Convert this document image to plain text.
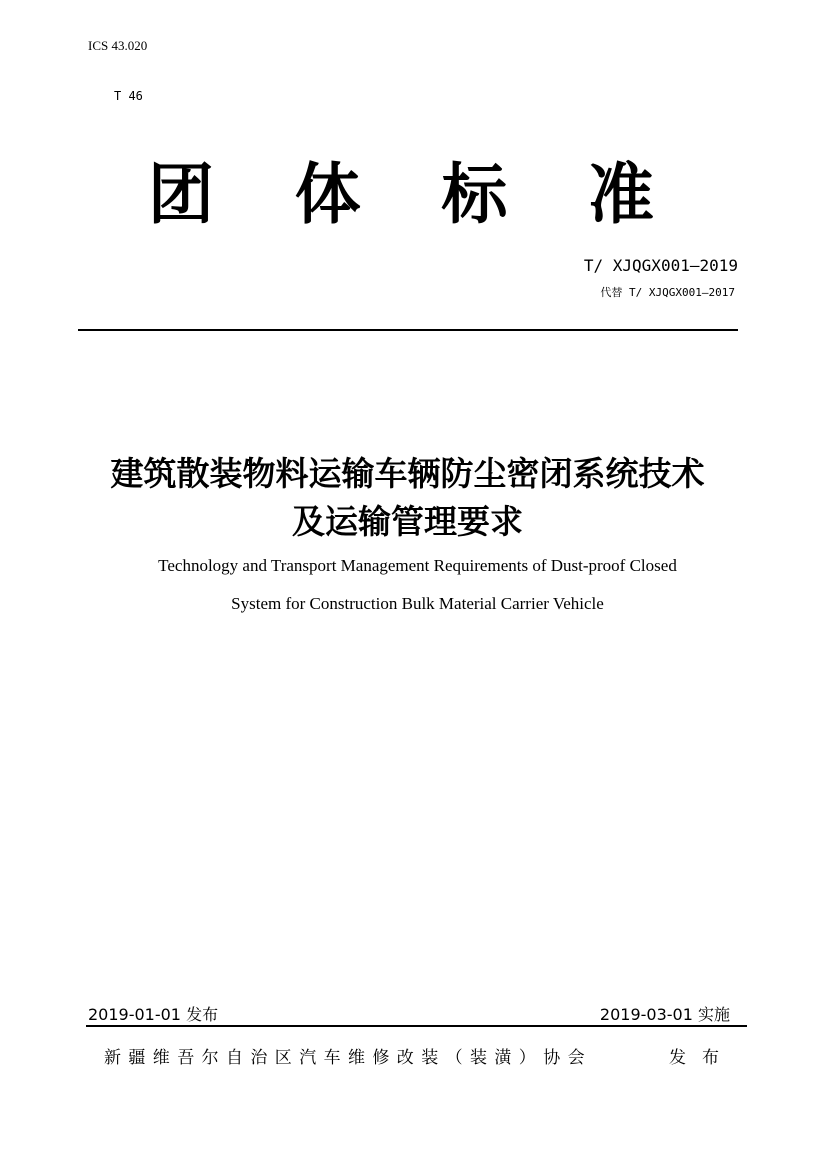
ICS 43.020
T 46
团 体 标 准
T/ XJQGX001—2019
代替 T/ XJQGX001—2017
建筑散装物料运输车辆防尘密闭系统技术
及运输管理要求
Technology and Transport Management Requirements of Dust-proof Closed
System for Construction Bulk Material Carrier Vehicle
2019-01-01 发布	2019-03-01 实施
新疆维吾尔自治区汽车维修改装（装潢）协会	发布
